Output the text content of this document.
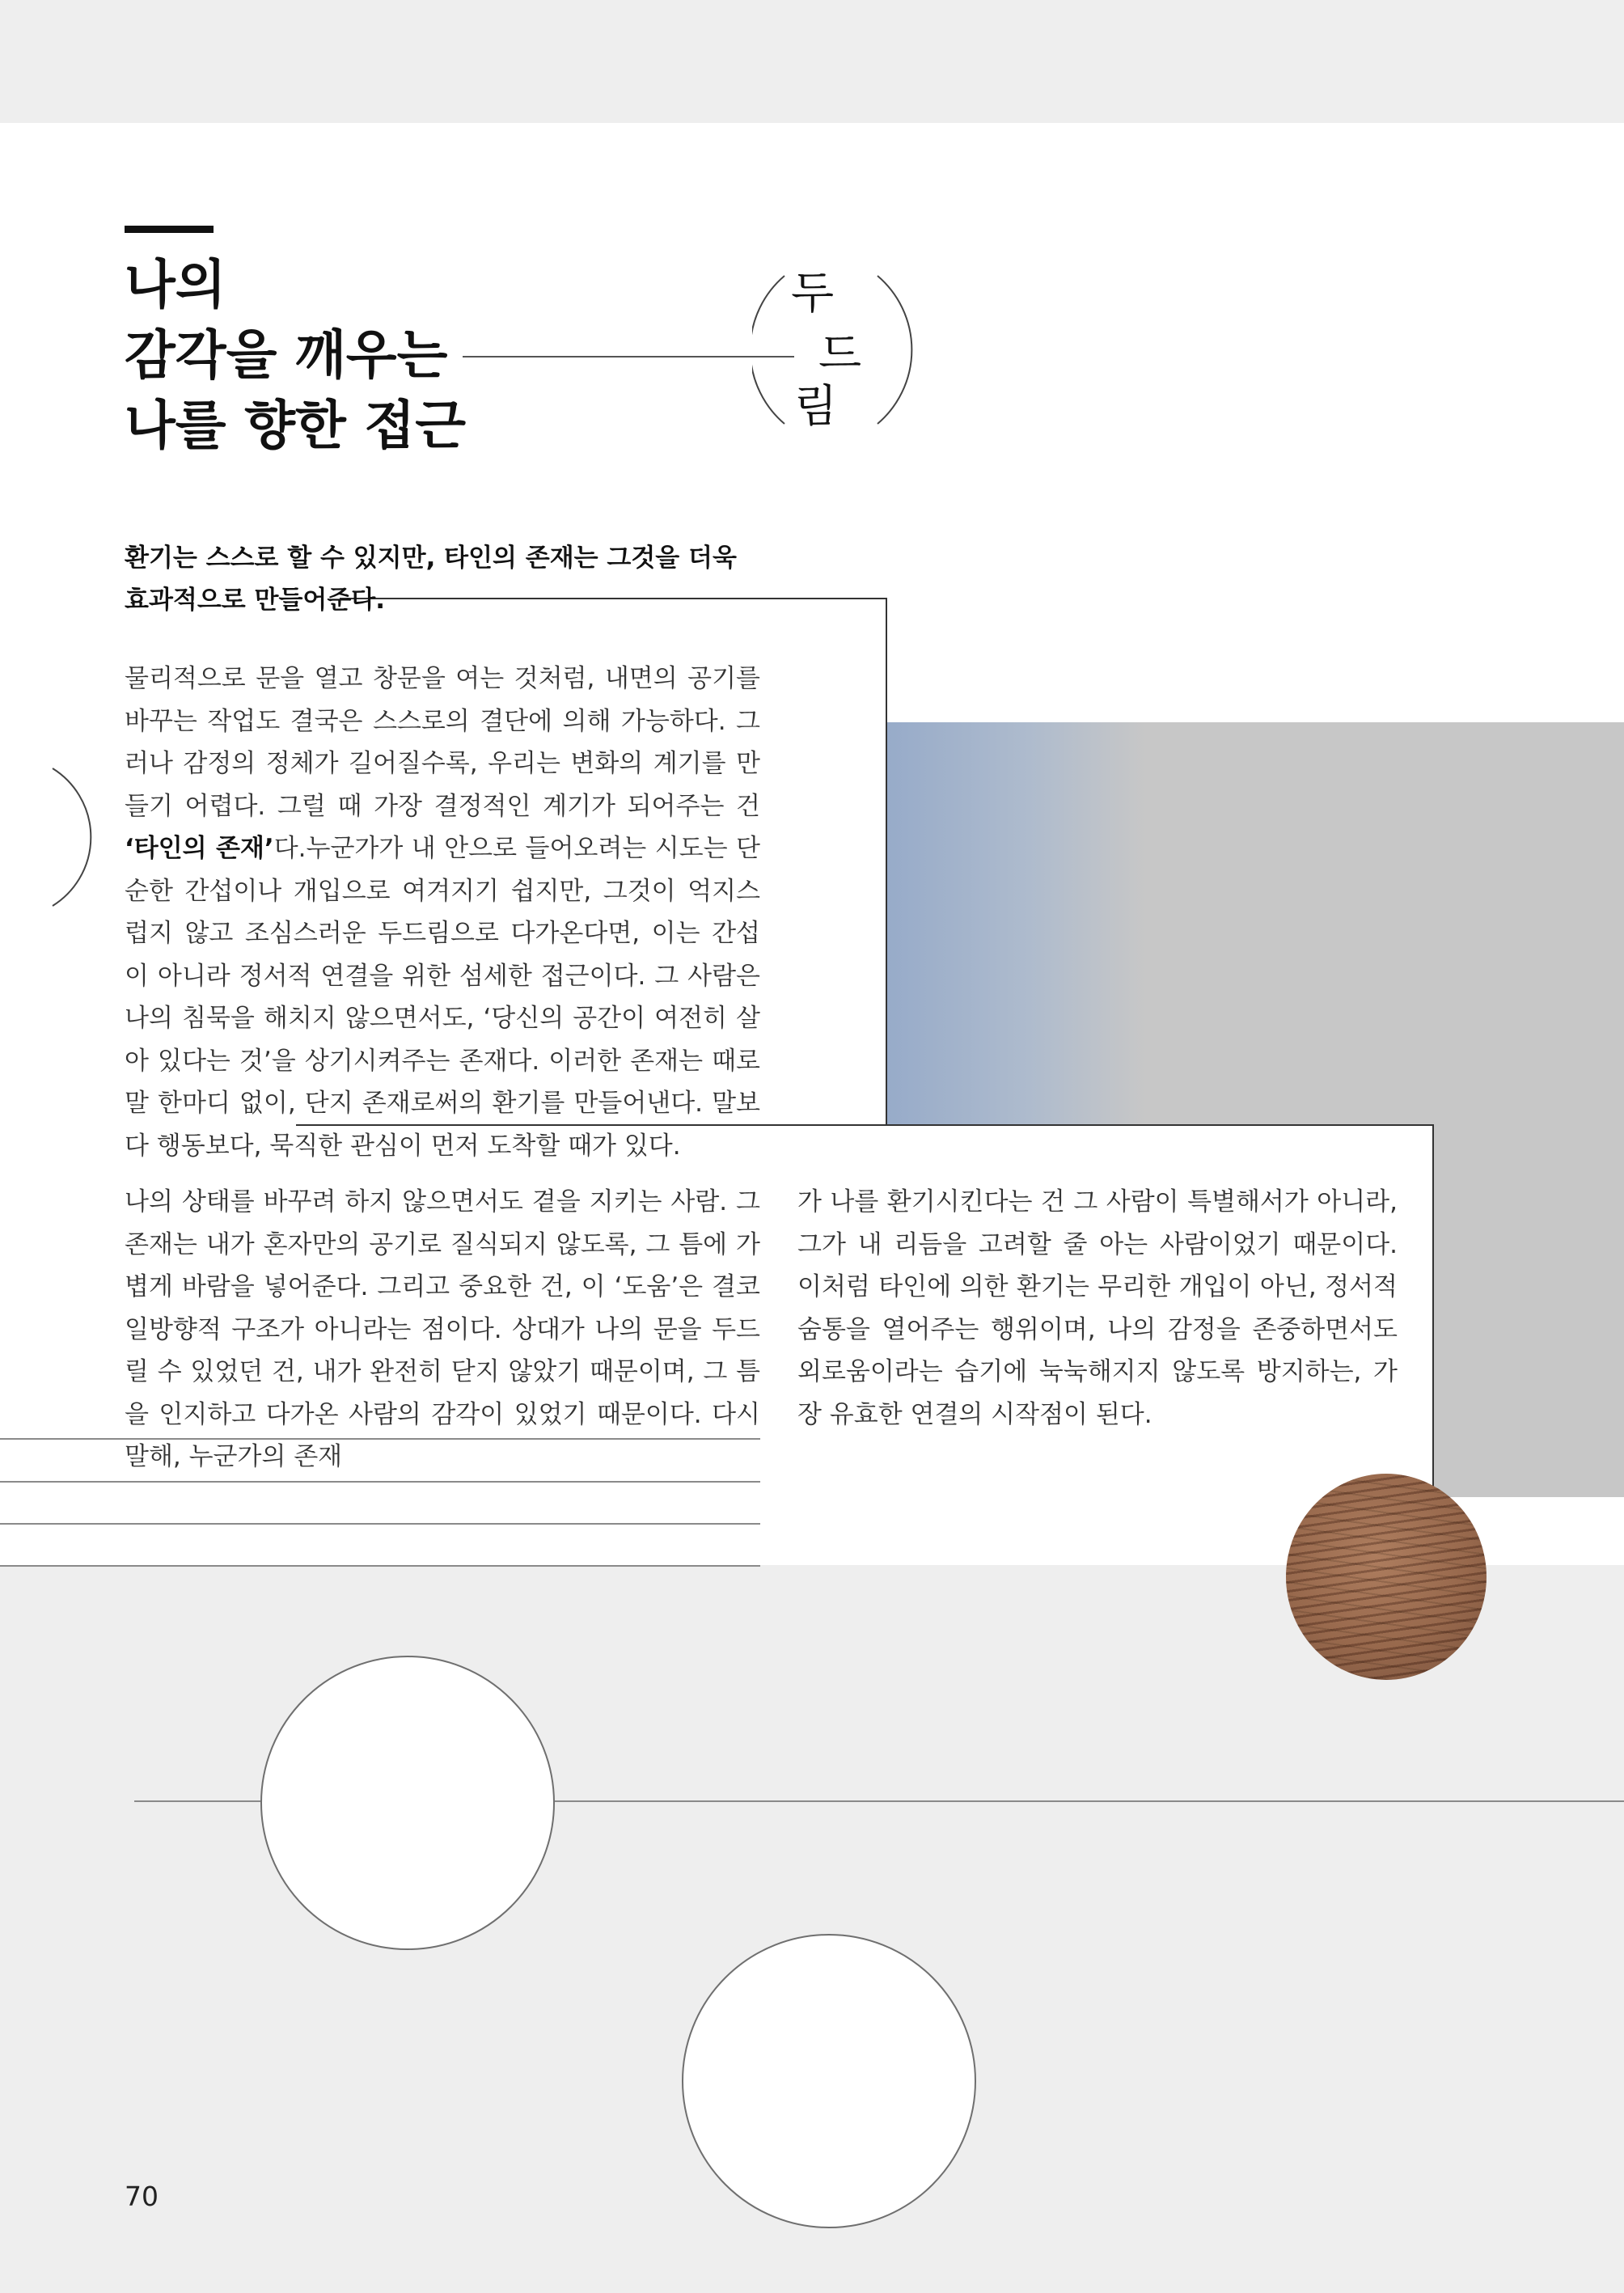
나의
감각을 깨우는
나를 향한 접근
두
드
림
환기는 스스로 할 수 있지만, 타인의 존재는 그것을 더욱 효과적으로 만들어준다.
물리적으로 문을 열고 창문을 여는 것처럼, 내면의 공기를 바꾸는 작업도 결국은 스스로의 결단에 의해 가능하다. 그러나 감정의 정체가 길어질수록, 우리는 변화의 계기를 만들기 어렵다. 그럴 때 가장 결정적인 계기가 되어주는 건 ‘타인의 존재’다.누군가가 내 안으로 들어오려는 시도는 단순한 간섭이나 개입으로 여겨지기 쉽지만, 그것이 억지스럽지 않고 조심스러운 두드림으로 다가온다면, 이는 간섭이 아니라 정서적 연결을 위한 섬세한 접근이다. 그 사람은 나의 침묵을 해치지 않으면서도, ‘당신의 공간이 여전히 살아 있다는 것’을 상기시켜주는 존재다. 이러한 존재는 때로 말 한마디 없이, 단지 존재로써의 환기를 만들어낸다. 말보다 행동보다, 묵직한 관심이 먼저 도착할 때가 있다.
나의 상태를 바꾸려 하지 않으면서도 곁을 지키는 사람. 그 존재는 내가 혼자만의 공기로 질식되지 않도록, 그 틈에 가볍게 바람을 넣어준다. 그리고 중요한 건, 이 ‘도움’은 결코 일방향적 구조가 아니라는 점이다. 상대가 나의 문을 두드릴 수 있었던 건, 내가 완전히 닫지 않았기 때문이며, 그 틈을 인지하고 다가온 사람의 감각이 있었기 때문이다. 다시 말해, 누군가의 존재
가 나를 환기시킨다는 건 그 사람이 특별해서가 아니라, 그가 내 리듬을 고려할 줄 아는 사람이었기 때문이다. 이처럼 타인에 의한 환기는 무리한 개입이 아닌, 정서적 숨통을 열어주는 행위이며, 나의 감정을 존중하면서도 외로움이라는 습기에 눅눅해지지 않도록 방지하는, 가장 유효한 연결의 시작점이 된다.
70
